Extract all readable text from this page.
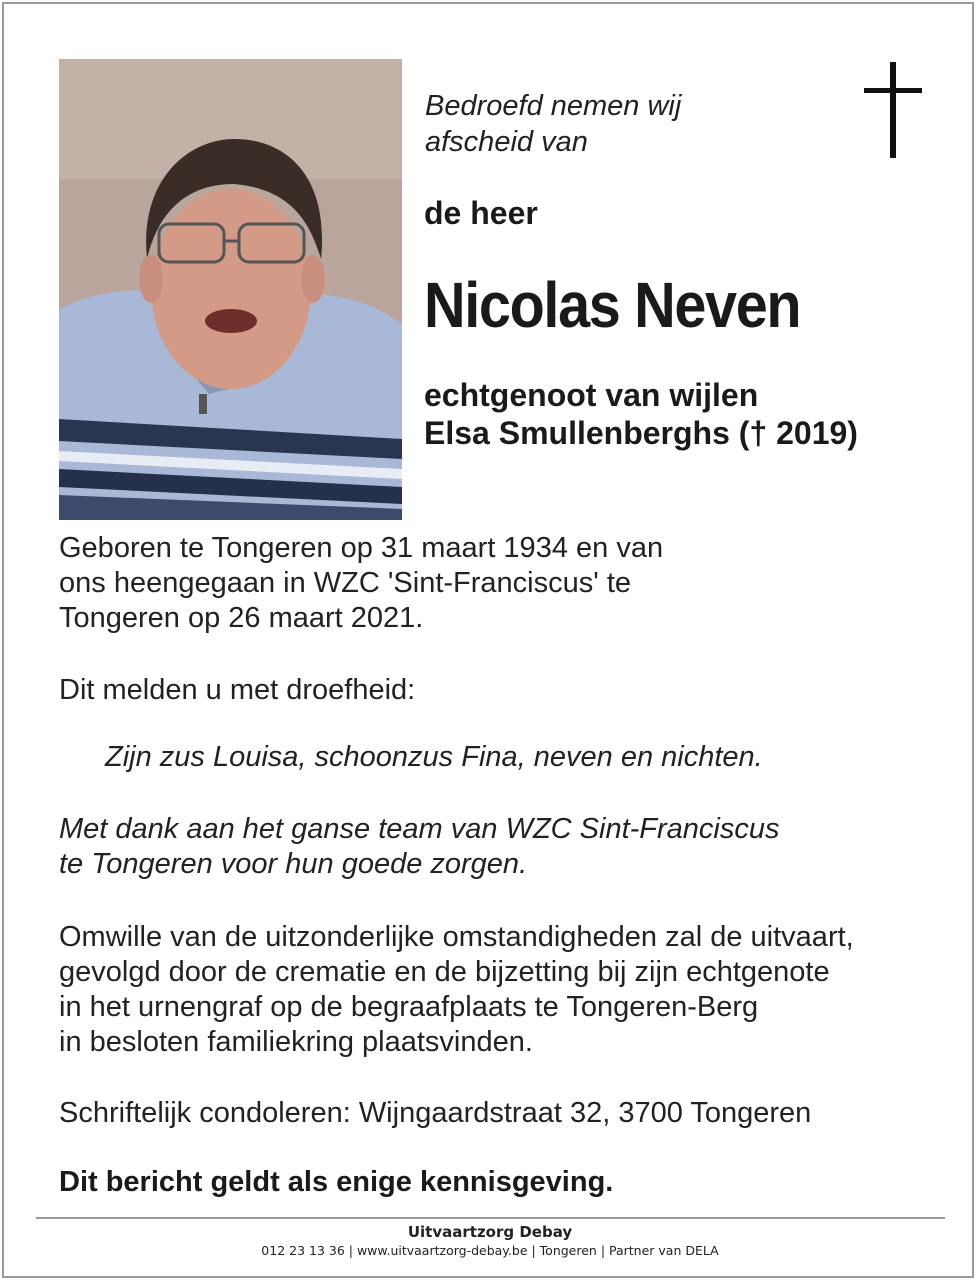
Bedroefd nemen wij
afscheid van
de heer
Nicolas Neven
echtgenoot van wijlen
Elsa Smullenberghs († 2019)
Geboren te Tongeren op 31 maart 1934 en van
ons heengegaan in WZC 'Sint-Franciscus' te
Tongeren op 26 maart 2021.
Dit melden u met droefheid:
Zijn zus Louisa, schoonzus Fina, neven en nichten.
Met dank aan het ganse team van WZC Sint-Franciscus
te Tongeren voor hun goede zorgen.
Omwille van de uitzonderlijke omstandigheden zal de uitvaart,
gevolgd door de crematie en de bijzetting bij zijn echtgenote
in het urnengraf op de begraafplaats te Tongeren-Berg
in besloten familiekring plaatsvinden.
Schriftelijk condoleren: Wijngaardstraat 32, 3700 Tongeren
Dit bericht geldt als enige kennisgeving.
Uitvaartzorg Debay
012 23 13 36 | www.uitvaartzorg-debay.be | Tongeren | Partner van DELA
